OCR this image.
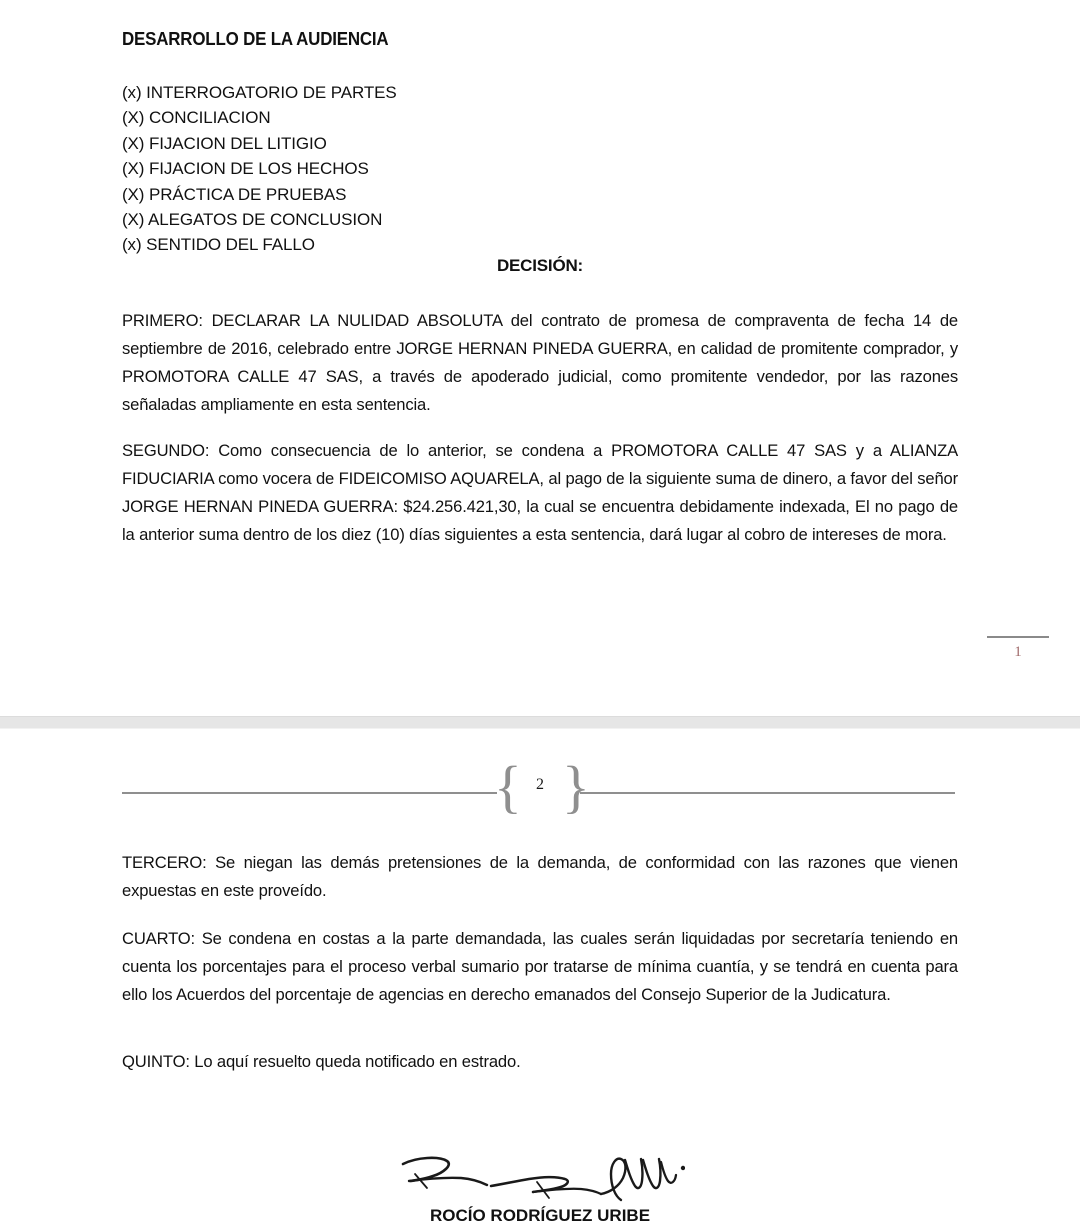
DESARROLLO DE LA AUDIENCIA
(x) INTERROGATORIO DE PARTES
(X) CONCILIACION
(X) FIJACION DEL LITIGIO
(X) FIJACION DE LOS HECHOS
(X) PRÁCTICA DE PRUEBAS
(X) ALEGATOS DE CONCLUSION
(x) SENTIDO DEL FALLO
DECISIÓN:
PRIMERO: DECLARAR LA NULIDAD ABSOLUTA del contrato de promesa de compraventa de fecha 14 de septiembre de 2016, celebrado entre JORGE HERNAN PINEDA GUERRA, en calidad de promitente comprador, y PROMOTORA CALLE 47 SAS, a través de apoderado judicial, como promitente vendedor, por las razones señaladas ampliamente en esta sentencia.
SEGUNDO: Como consecuencia de lo anterior, se condena a PROMOTORA CALLE 47 SAS y a ALIANZA FIDUCIARIA como vocera de FIDEICOMISO AQUARELA, al pago de la siguiente suma de dinero, a favor del señor JORGE HERNAN PINEDA GUERRA: $24.256.421,30, la cual se encuentra debidamente indexada, El no pago de la anterior suma dentro de los diez (10) días siguientes a esta sentencia, dará lugar al cobro de intereses de mora.
1
{ }
2
TERCERO: Se niegan las demás pretensiones de la demanda, de conformidad con las razones que vienen expuestas en este proveído.
CUARTO: Se condena en costas a la parte demandada, las cuales serán liquidadas por secretaría teniendo en cuenta los porcentajes para el proceso verbal sumario por tratarse de mínima cuantía, y se tendrá en cuenta para ello los Acuerdos del porcentaje de agencias en derecho emanados del Consejo Superior de la Judicatura.
QUINTO: Lo aquí resuelto queda notificado en estrado.
ROCÍO RODRÍGUEZ URIBE
